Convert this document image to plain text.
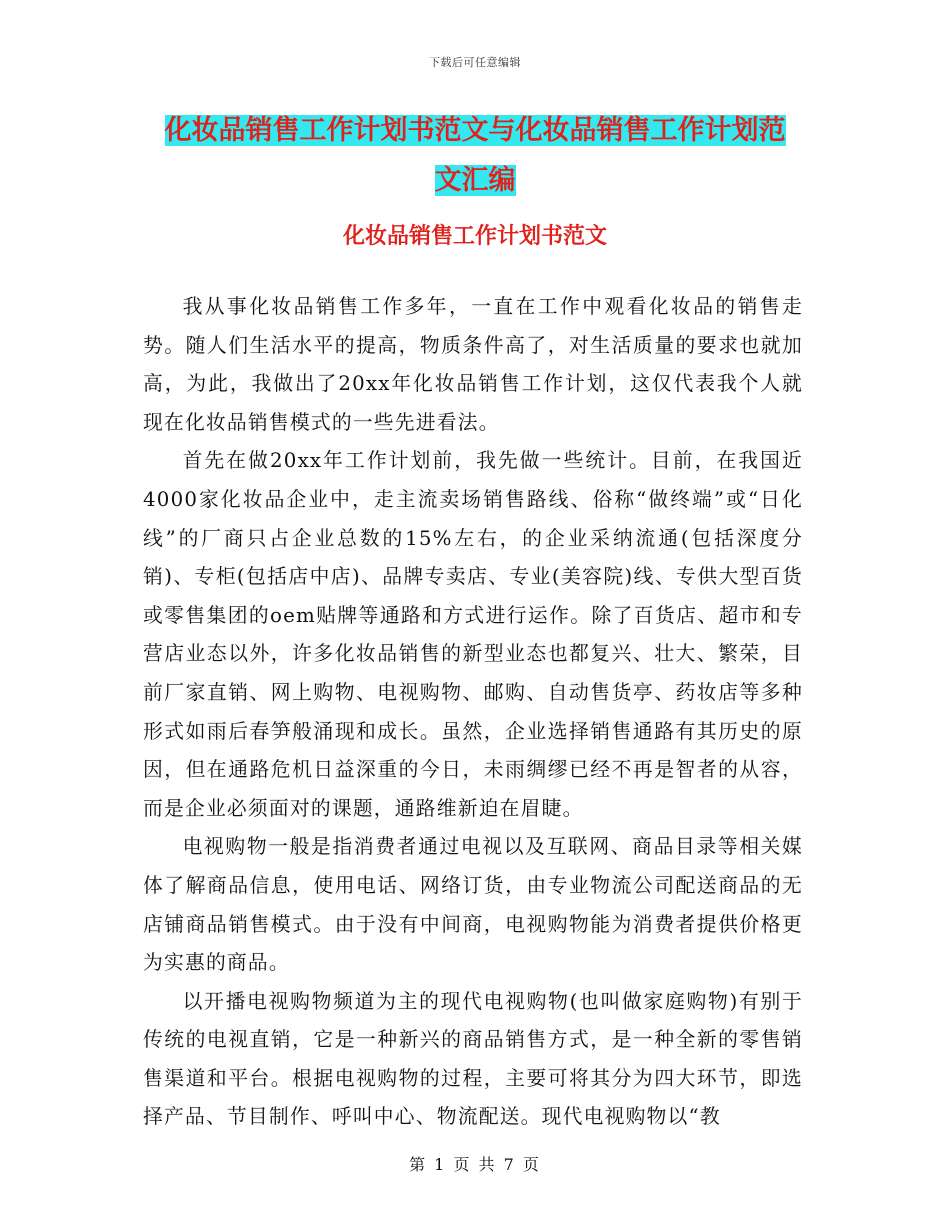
下载后可任意编辑
化妆品销售工作计划书范文与化妆品销售工作计划范
文汇编
化妆品销售工作计划书范文

我从事化妆品销售工作多年，一直在工作中观看化妆品的销售走势。随人们生活水平的提高，物质条件高了，对生活质量的要求也就加高，为此，我做出了20xx年化妆品销售工作计划，这仅代表我个人就现在化妆品销售模式的一些先进看法。

首先在做20xx年工作计划前，我先做一些统计。目前，在我国近4000家化妆品企业中，走主流卖场销售路线、俗称“做终端”或“日化线”的厂商只占企业总数的15%左右，的企业采纳流通(包括深度分销)、专柜(包括店中店)、品牌专卖店、专业(美容院)线、专供大型百货或零售集团的oem贴牌等通路和方式进行运作。除了百货店、超市和专营店业态以外，许多化妆品销售的新型业态也都复兴、壮大、繁荣，目前厂家直销、网上购物、电视购物、邮购、自动售货亭、药妆店等多种形式如雨后春笋般涌现和成长。虽然，企业选择销售通路有其历史的原因，但在通路危机日益深重的今日，未雨绸缪已经不再是智者的从容，而是企业必须面对的课题，通路维新迫在眉睫。

电视购物一般是指消费者通过电视以及互联网、商品目录等相关媒体了解商品信息，使用电话、网络订货，由专业物流公司配送商品的无店铺商品销售模式。由于没有中间商，电视购物能为消费者提供价格更为实惠的商品。

以开播电视购物频道为主的现代电视购物(也叫做家庭购物)有别于传统的电视直销，它是一种新兴的商品销售方式，是一种全新的零售销售渠道和平台。根据电视购物的过程，主要可将其分为四大环节，即选择产品、节目制作、呼叫中心、物流配送。现代电视购物以“教

第 1 页 共 7 页
